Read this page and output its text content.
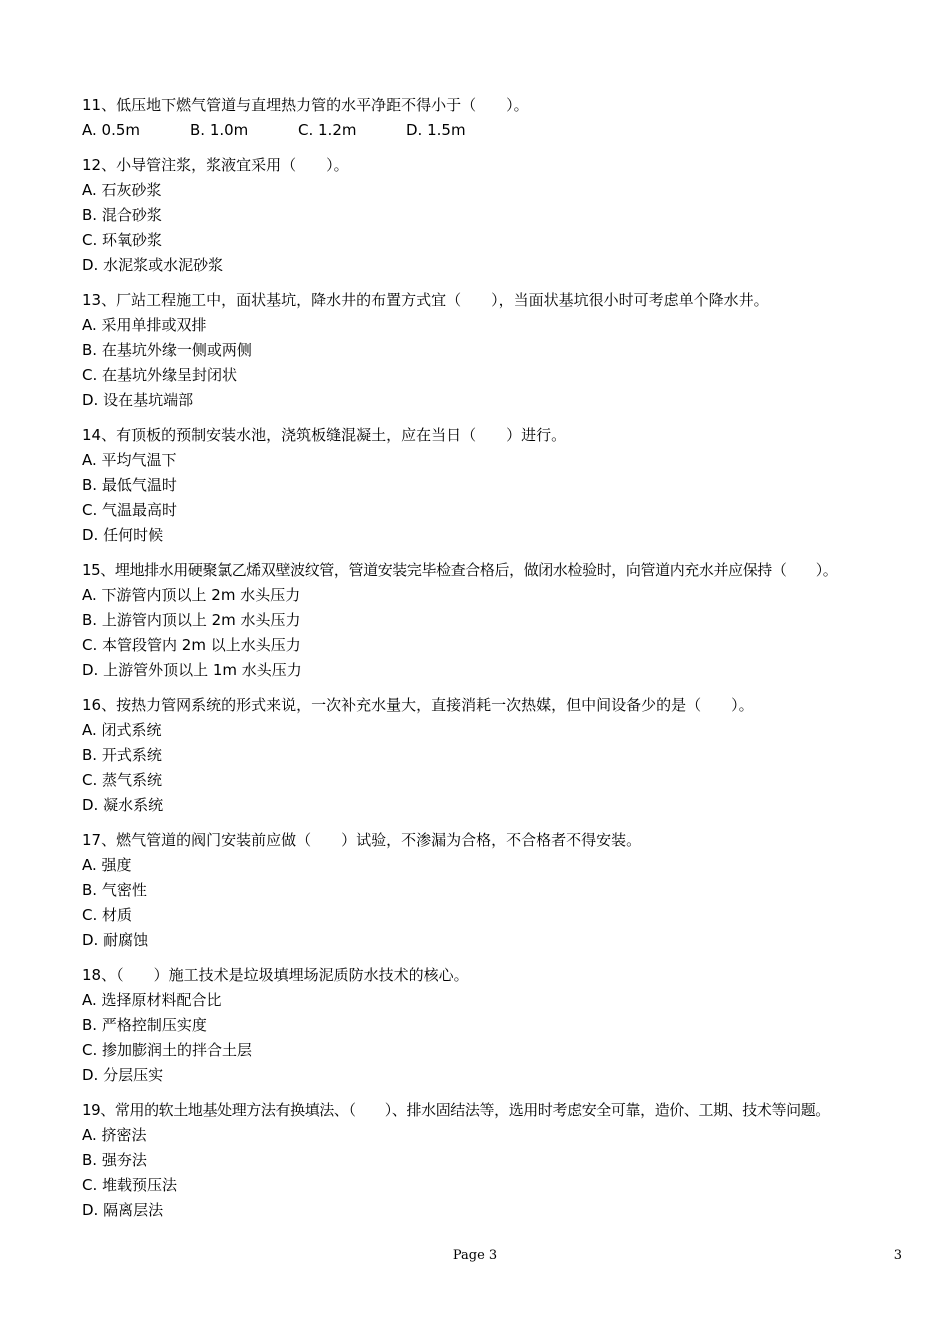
11、低压地下燃气管道与直埋热力管的水平净距不得小于（　　）。
A. 0.5m	B. 1.0m	C. 1.2m	D. 1.5m
12、小导管注浆，浆液宜采用（　　）。
A. 石灰砂浆
B. 混合砂浆
C. 环氧砂浆
D. 水泥浆或水泥砂浆
13、厂站工程施工中，面状基坑，降水井的布置方式宜（　　），当面状基坑很小时可考虑单个降水井。
A. 采用单排或双排
B. 在基坑外缘一侧或两侧
C. 在基坑外缘呈封闭状
D. 设在基坑端部
14、有顶板的预制安装水池，浇筑板缝混凝土，应在当日（　　）进行。
A. 平均气温下
B. 最低气温时
C. 气温最高时
D. 任何时候
15、埋地排水用硬聚氯乙烯双壁波纹管，管道安装完毕检查合格后，做闭水检验时，向管道内充水并应保持（　　）。
A. 下游管内顶以上 2m 水头压力
B. 上游管内顶以上 2m 水头压力
C. 本管段管内 2m 以上水头压力
D. 上游管外顶以上 1m 水头压力
16、按热力管网系统的形式来说，一次补充水量大，直接消耗一次热媒，但中间设备少的是（　　）。
A. 闭式系统
B. 开式系统
C. 蒸气系统
D. 凝水系统
17、燃气管道的阀门安装前应做（　　）试验，不渗漏为合格，不合格者不得安装。
A. 强度
B. 气密性
C. 材质
D. 耐腐蚀
18、（　　）施工技术是垃圾填埋场泥质防水技术的核心。
A. 选择原材料配合比
B. 严格控制压实度
C. 掺加膨润土的拌合土层
D. 分层压实
19、常用的软土地基处理方法有换填法、（　　）、排水固结法等，选用时考虑安全可靠，造价、工期、技术等问题。
A. 挤密法
B. 强夯法
C. 堆载预压法
D. 隔离层法
Page 3	3
